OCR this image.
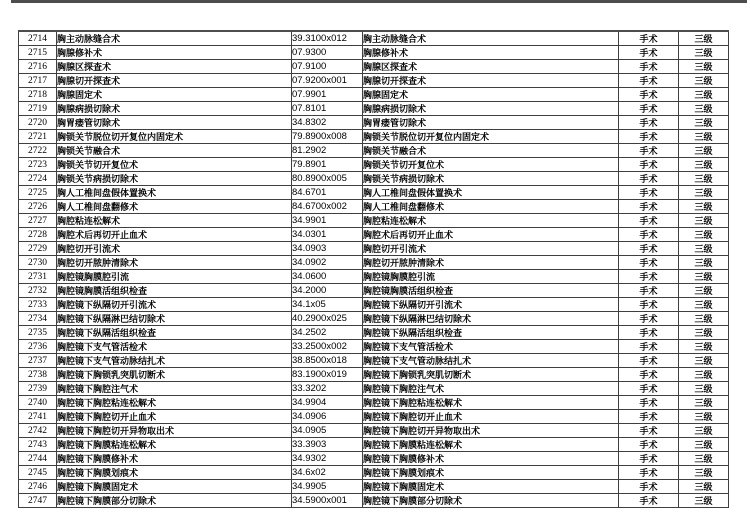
2714	胸主动脉缝合术	39.3100x012	胸主动脉缝合术	手术	三级
2715	胸腺修补术	07.9300	胸腺修补术	手术	三级
2716	胸腺区探查术	07.9100	胸腺区探查术	手术	三级
2717	胸腺切开探查术	07.9200x001	胸腺切开探查术	手术	三级
2718	胸腺固定术	07.9901	胸腺固定术	手术	三级
2719	胸腺病损切除术	07.8101	胸腺病损切除术	手术	三级
2720	胸胃瘘管切除术	34.8302	胸胃瘘管切除术	手术	三级
2721	胸锁关节脱位切开复位内固定术	79.8900x008	胸锁关节脱位切开复位内固定术	手术	三级
2722	胸锁关节融合术	81.2902	胸锁关节融合术	手术	三级
2723	胸锁关节切开复位术	79.8901	胸锁关节切开复位术	手术	三级
2724	胸锁关节病损切除术	80.8900x005	胸锁关节病损切除术	手术	三级
2725	胸人工椎间盘假体置换术	84.6701	胸人工椎间盘假体置换术	手术	三级
2726	胸人工椎间盘翻修术	84.6700x002	胸人工椎间盘翻修术	手术	三级
2727	胸腔粘连松解术	34.9901	胸腔粘连松解术	手术	三级
2728	胸腔术后再切开止血术	34.0301	胸腔术后再切开止血术	手术	三级
2729	胸腔切开引流术	34.0903	胸腔切开引流术	手术	三级
2730	胸腔切开脓肿清除术	34.0902	胸腔切开脓肿清除术	手术	三级
2731	胸腔镜胸膜腔引流	34.0600	胸腔镜胸膜腔引流	手术	三级
2732	胸腔镜胸膜活组织检查	34.2000	胸腔镜胸膜活组织检查	手术	三级
2733	胸腔镜下纵隔切开引流术	34.1x05	胸腔镜下纵隔切开引流术	手术	三级
2734	胸腔镜下纵隔淋巴结切除术	40.2900x025	胸腔镜下纵隔淋巴结切除术	手术	三级
2735	胸腔镜下纵隔活组织检查	34.2502	胸腔镜下纵隔活组织检查	手术	三级
2736	胸腔镜下支气管活检术	33.2500x002	胸腔镜下支气管活检术	手术	三级
2737	胸腔镜下支气管动脉结扎术	38.8500x018	胸腔镜下支气管动脉结扎术	手术	三级
2738	胸腔镜下胸锁乳突肌切断术	83.1900x019	胸腔镜下胸锁乳突肌切断术	手术	三级
2739	胸腔镜下胸腔注气术	33.3202	胸腔镜下胸腔注气术	手术	三级
2740	胸腔镜下胸腔粘连松解术	34.9904	胸腔镜下胸腔粘连松解术	手术	三级
2741	胸腔镜下胸腔切开止血术	34.0906	胸腔镜下胸腔切开止血术	手术	三级
2742	胸腔镜下胸腔切开异物取出术	34.0905	胸腔镜下胸腔切开异物取出术	手术	三级
2743	胸腔镜下胸膜粘连松解术	33.3903	胸腔镜下胸膜粘连松解术	手术	三级
2744	胸腔镜下胸膜修补术	34.9302	胸腔镜下胸膜修补术	手术	三级
2745	胸腔镜下胸膜划痕术	34.6x02	胸腔镜下胸膜划痕术	手术	三级
2746	胸腔镜下胸膜固定术	34.9905	胸腔镜下胸膜固定术	手术	三级
2747	胸腔镜下胸膜部分切除术	34.5900x001	胸腔镜下胸膜部分切除术	手术	三级
